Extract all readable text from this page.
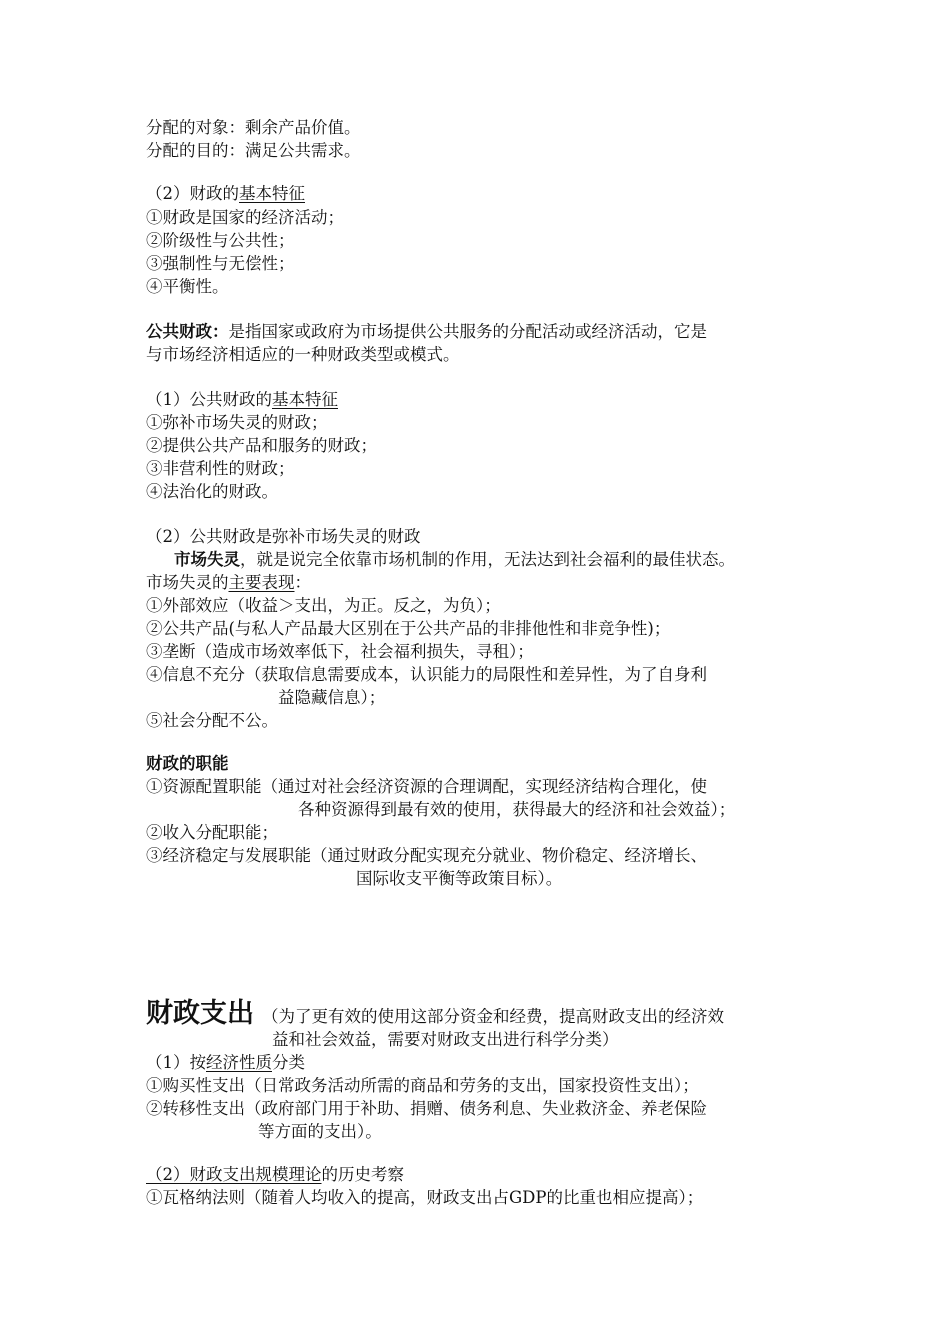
分配的对象：剩余产品价值。
分配的目的：满足公共需求。
（2）财政的基本特征
①财政是国家的经济活动；
②阶级性与公共性；
③强制性与无偿性；
④平衡性。
公共财政：是指国家或政府为市场提供公共服务的分配活动或经济活动，它是
与市场经济相适应的一种财政类型或模式。
（1）公共财政的基本特征
①弥补市场失灵的财政；
②提供公共产品和服务的财政；
③非营利性的财政；
④法治化的财政。
（2）公共财政是弥补市场失灵的财政
市场失灵，就是说完全依靠市场机制的作用，无法达到社会福利的最佳状态。
市场失灵的主要表现：
①外部效应（收益＞支出，为正。反之，为负）；
②公共产品(与私人产品最大区别在于公共产品的非排他性和非竞争性)；
③垄断（造成市场效率低下，社会福利损失，寻租）；
④信息不充分（获取信息需要成本，认识能力的局限性和差异性，为了自身利
益隐藏信息）；
⑤社会分配不公。
财政的职能
①资源配置职能（通过对社会经济资源的合理调配，实现经济结构合理化，使
各种资源得到最有效的使用，获得最大的经济和社会效益）；
②收入分配职能；
③经济稳定与发展职能（通过财政分配实现充分就业、物价稳定、经济增长、
国际收支平衡等政策目标）。
财政支出 （为了更有效的使用这部分资金和经费，提高财政支出的经济效
益和社会效益，需要对财政支出进行科学分类）
（1）按经济性质分类
①购买性支出（日常政务活动所需的商品和劳务的支出，国家投资性支出）；
②转移性支出（政府部门用于补助、捐赠、债务利息、失业救济金、养老保险
等方面的支出）。
（2）财政支出规模理论的历史考察
①瓦格纳法则（随着人均收入的提高，财政支出占GDP的比重也相应提高）；
